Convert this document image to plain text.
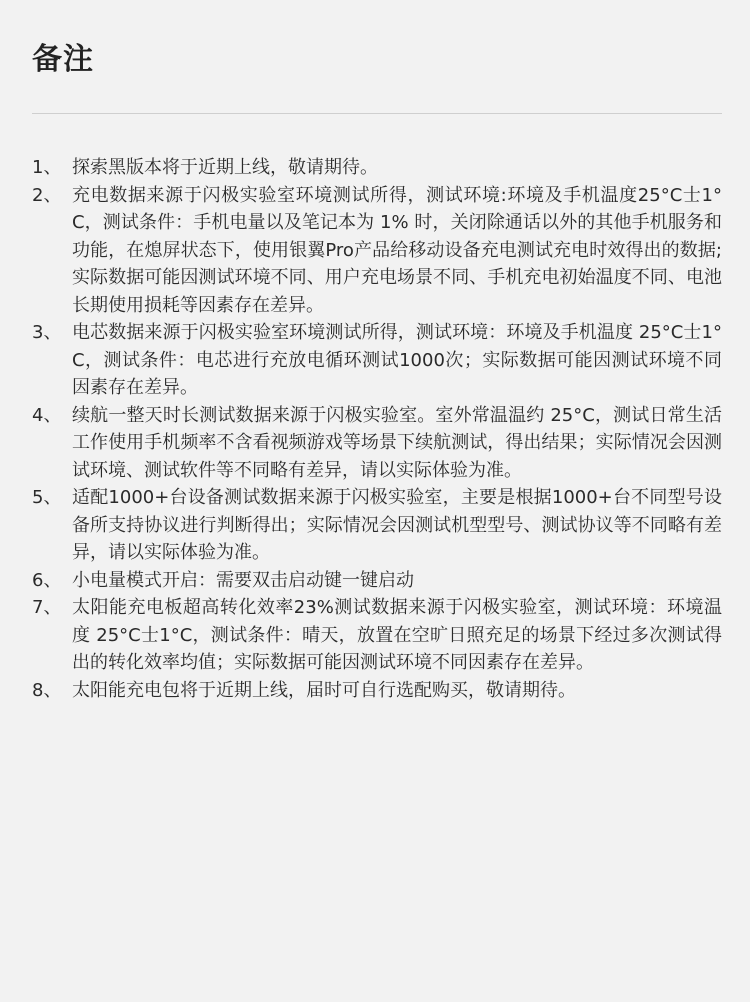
备注
1、 探索黑版本将于近期上线，敬请期待。
2、 充电数据来源于闪极实验室环境测试所得，测试环境:环境及手机温度25°C士1°C，测试条件：手机电量以及笔记本为 1% 时，关闭除通话以外的其他手机服务和功能，在熄屏状态下，使用银翼Pro产品给移动设备充电测试充电时效得出的数据;实际数据可能因测试环境不同、用户充电场景不同、手机充电初始温度不同、电池长期使用损耗等因素存在差异。
3、 电芯数据来源于闪极实验室环境测试所得，测试环境：环境及手机温度 25°C士1°C，测试条件：电芯进行充放电循环测试1000次；实际数据可能因测试环境不同因素存在差异。
4、 续航一整天时长测试数据来源于闪极实验室。室外常温温约 25°C，测试日常生活工作使用手机频率不含看视频游戏等场景下续航测试，得出结果；实际情况会因测试环境、测试软件等不同略有差异，请以实际体验为准。
5、 适配1000+台设备测试数据来源于闪极实验室，主要是根据1000+台不同型号设备所支持协议进行判断得出；实际情况会因测试机型型号、测试协议等不同略有差异，请以实际体验为准。
6、 小电量模式开启：需要双击启动键一键启动
7、 太阳能充电板超高转化效率23%测试数据来源于闪极实验室，测试环境：环境温度 25°C士1°C，测试条件：晴天，放置在空旷日照充足的场景下经过多次测试得出的转化效率均值；实际数据可能因测试环境不同因素存在差异。
8、 太阳能充电包将于近期上线，届时可自行选配购买，敬请期待。
